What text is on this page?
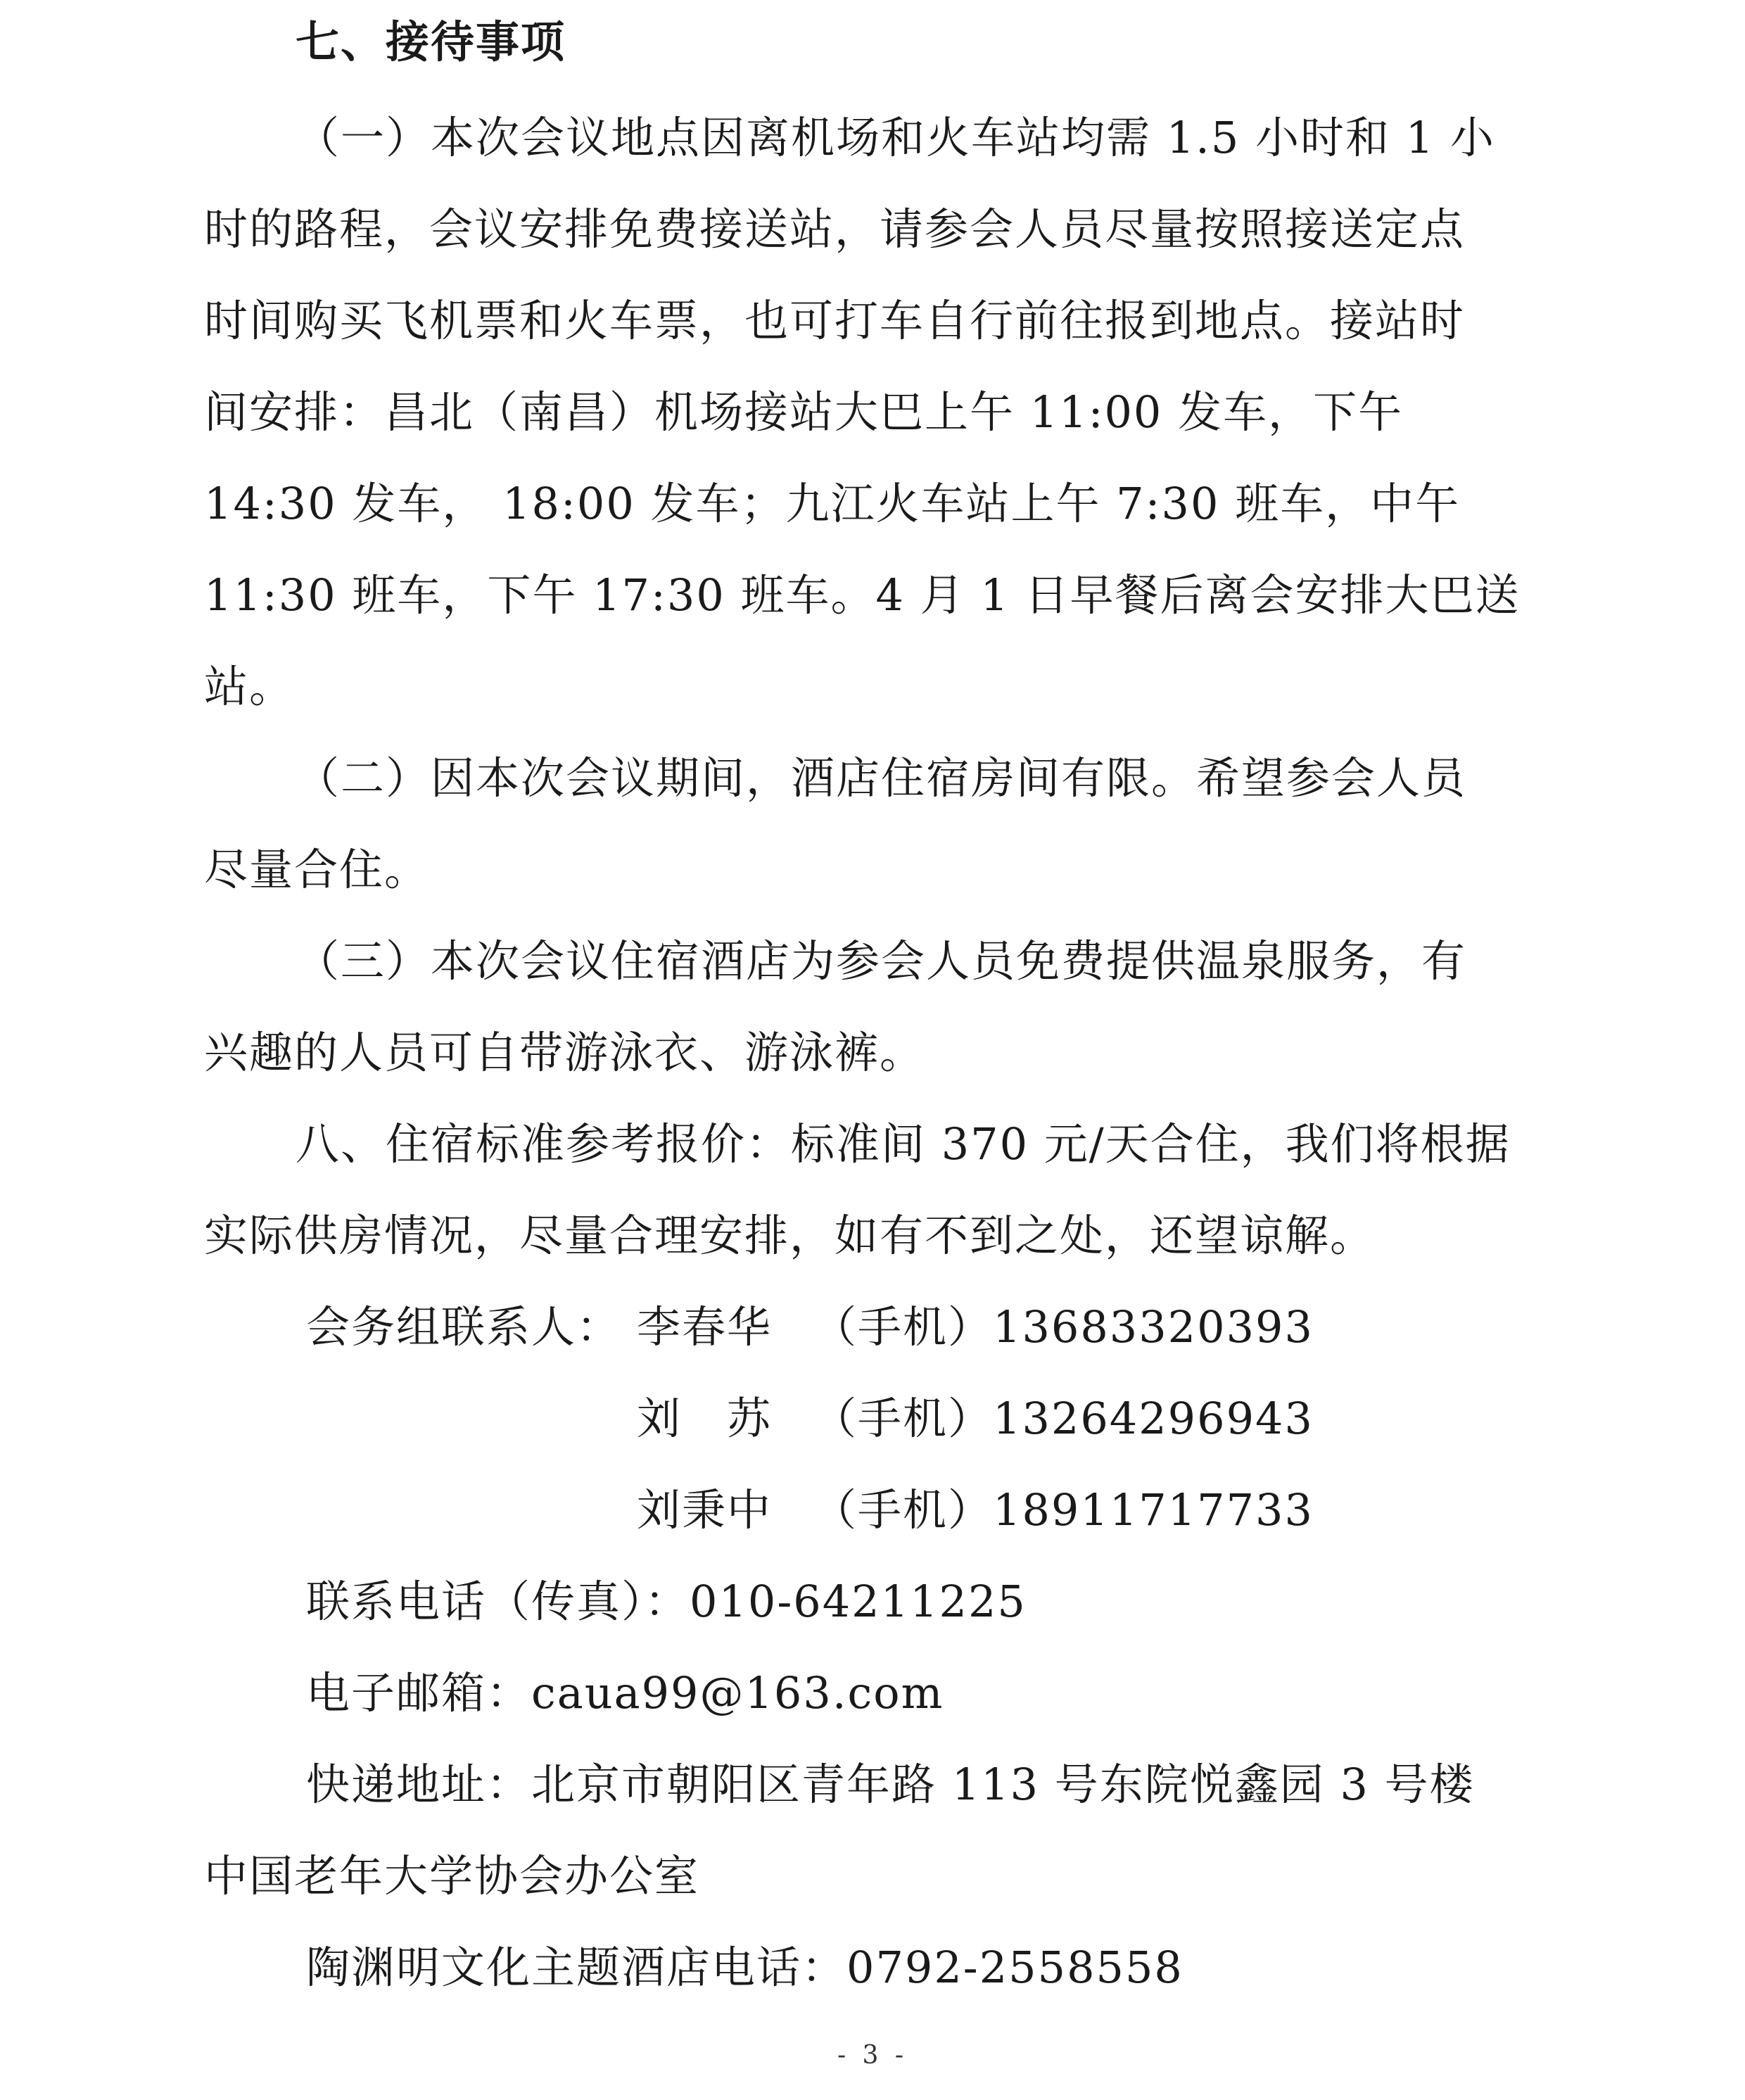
七、接待事项
（一）本次会议地点因离机场和火车站均需 1.5 小时和 1 小
时的路程，会议安排免费接送站，请参会人员尽量按照接送定点
时间购买飞机票和火车票，也可打车自行前往报到地点。接站时
间安排：昌北（南昌）机场接站大巴上午 11:00 发车，下午
14:30 发车， 18:00 发车；九江火车站上午 7:30 班车，中午
11:30 班车，下午 17:30 班车。4 月 1 日早餐后离会安排大巴送
站。
（二）因本次会议期间，酒店住宿房间有限。希望参会人员
尽量合住。
（三）本次会议住宿酒店为参会人员免费提供温泉服务，有
兴趣的人员可自带游泳衣、游泳裤。
八、住宿标准参考报价：标准间 370 元/天合住，我们将根据
实际供房情况，尽量合理安排，如有不到之处，还望谅解。
会务组联系人： 李春华 （手机）13683320393
刘　苏 （手机）13264296943
刘秉中 （手机）18911717733
联系电话（传真）：010-64211225
电子邮箱：caua99@163.com
快递地址：北京市朝阳区青年路 113 号东院悦鑫园 3 号楼
中国老年大学协会办公室
陶渊明文化主题酒店电话：0792-2558558
- 3 -
